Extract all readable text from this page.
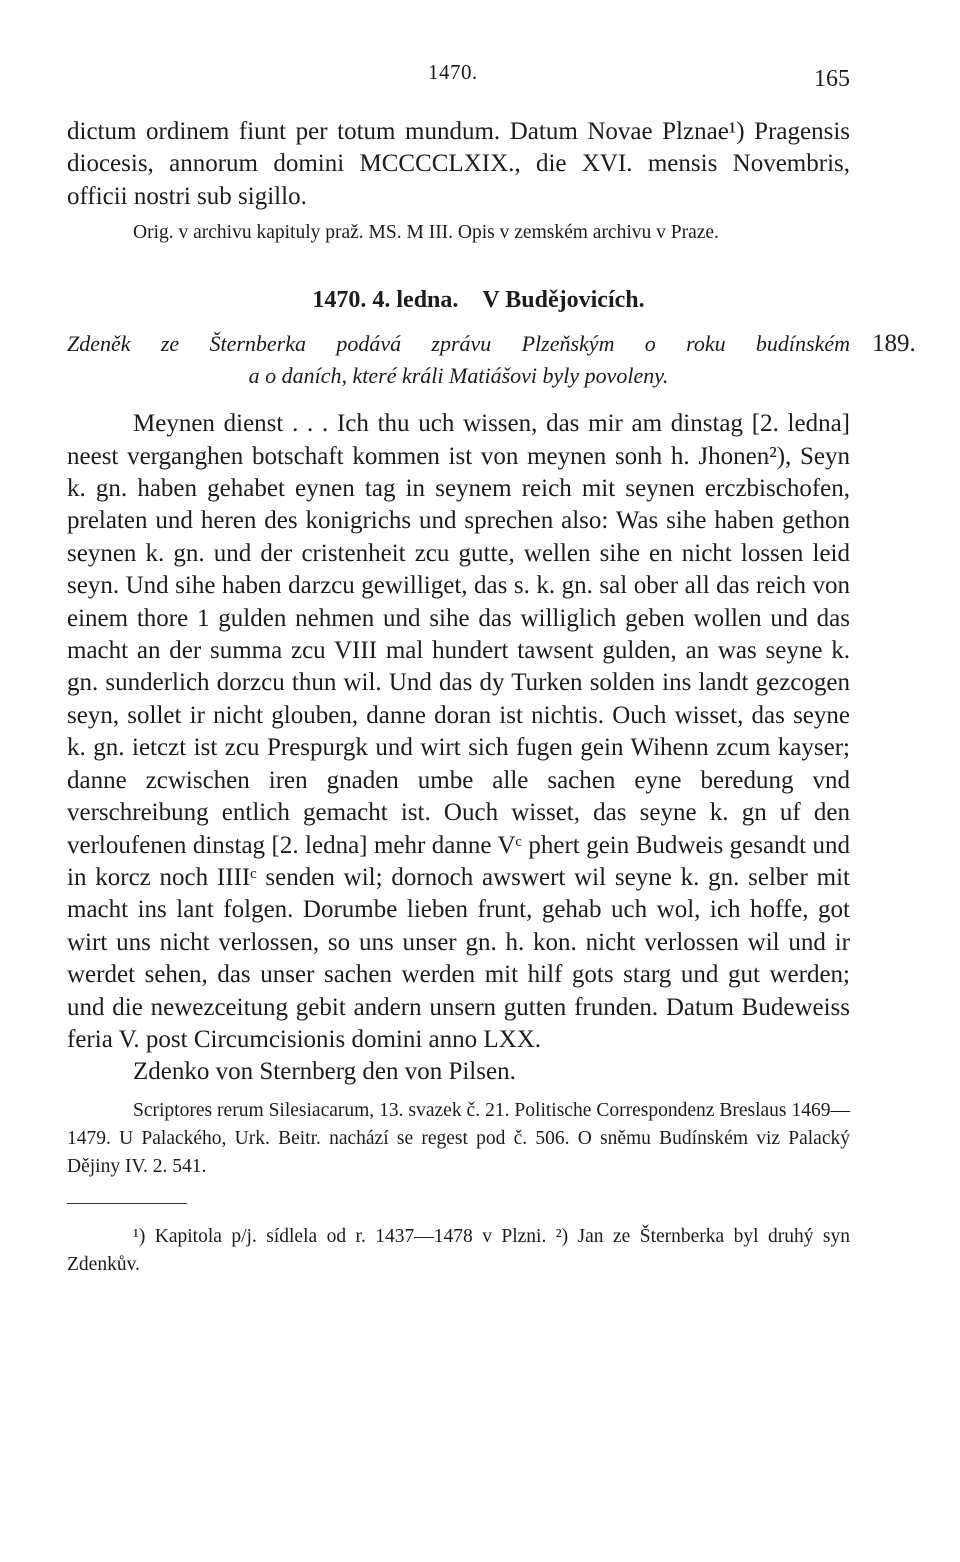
1470.	165

dictum ordinem fiunt per totum mundum. Datum Novae Plznae¹) Pragensis diocesis, annorum domini MCCCCLXIX., die XVI. mensis Novembris, officii nostri sub sigillo.

Orig. v archivu kapituly praž. MS. M III. Opis v zemském archivu v Praze.

1470. 4. ledna. V Budějovicích.
Zdeněk ze Šternberka podává zprávu Plzeňským o roku budínském
a o daních, které králi Matiášovi byly povoleny.
189.

Meynen dienst . . . Ich thu uch wissen, das mir am dinstag [2. ledna] neest verganghen botschaft kommen ist von meynen sonh h. Jhonen²), Seyn k. gn. haben gehabet eynen tag in seynem reich mit seynen erczbischofen, prelaten und heren des konigrichs und sprechen also: Was sihe haben gethon seynen k. gn. und der cristenheit zcu gutte, wellen sihe en nicht lossen leid seyn. Und sihe haben darzcu gewilliget, das s. k. gn. sal ober all das reich von einem thore 1 gulden nehmen und sihe das williglich geben wollen und das macht an der summa zcu VIII mal hundert tawsent gulden, an was seyne k. gn. sunderlich dorzcu thun wil. Und das dy Turken solden ins landt gezcogen seyn, sollet ir nicht glouben, danne doran ist nichtis. Ouch wisset, das seyne k. gn. ietczt ist zcu Prespurgk und wirt sich fugen gein Wihenn zcum kayser; danne zcwischen iren gnaden umbe alle sachen eyne beredung vnd verschreibung entlich gemacht ist. Ouch wisset, das seyne k. gn uf den verloufenen dinstag [2. ledna] mehr danne Vᶜ phert gein Budweis gesandt und in korcz noch IIIIᶜ senden wil; dornoch awswert wil seyne k. gn. selber mit macht ins lant folgen. Dorumbe lieben frunt, gehab uch wol, ich hoffe, got wirt uns nicht verlossen, so uns unser gn. h. kon. nicht verlossen wil und ir werdet sehen, das unser sachen werden mit hilf gots starg und gut werden; und die newezceitung gebit andern unsern gutten frunden. Datum Budeweiss feria V. post Circumcisionis domini anno LXX.

Zdenko von Sternberg den von Pilsen.

Scriptores rerum Silesiacarum, 13. svazek č. 21. Politische Correspondenz Breslaus 1469—1479. U Palackého, Urk. Beitr. nachází se regest pod č. 506. O sněmu Budínském viz Palacký Dějiny IV. 2. 541.

¹) Kapitola p/j. sídlela od r. 1437—1478 v Plzni. ²) Jan ze Šternberka byl druhý syn Zdenkův.
